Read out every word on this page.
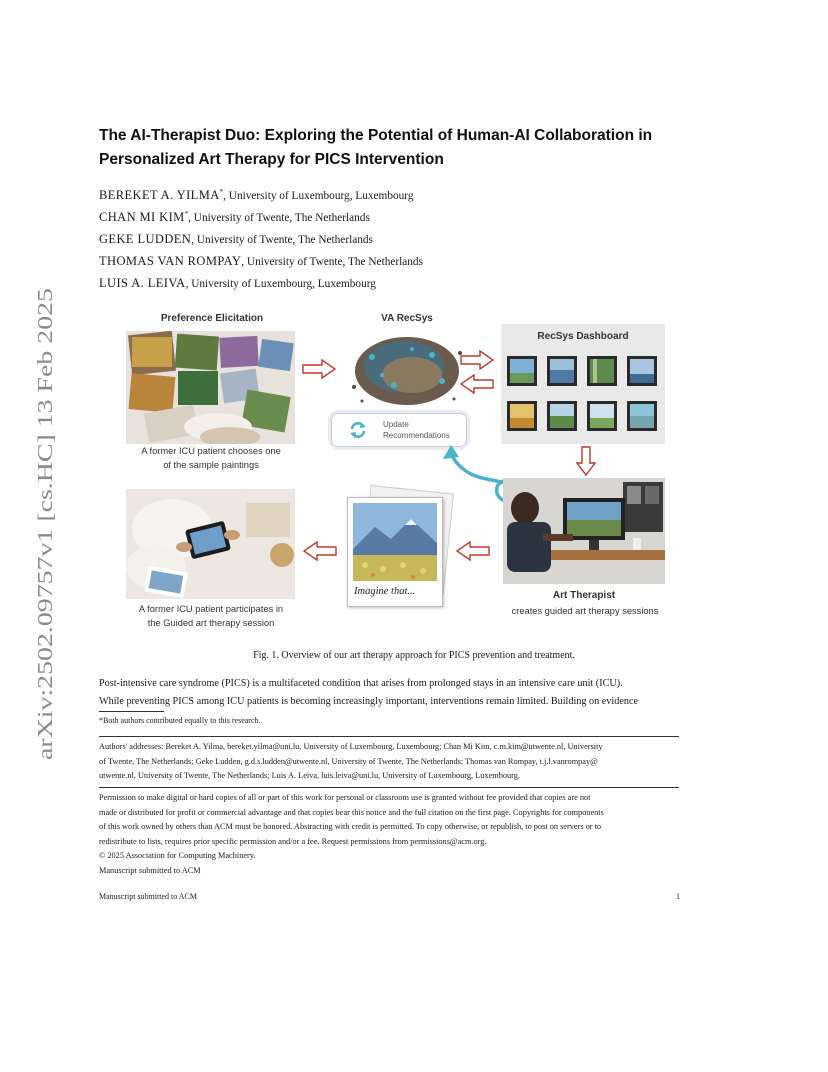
arXiv:2502.09757v1 [cs.HC] 13 Feb 2025
The AI-Therapist Duo: Exploring the Potential of Human-AI Collaboration in Personalized Art Therapy for PICS Intervention
BEREKET A. YILMA*, University of Luxembourg, Luxembourg
CHAN MI KIM*, University of Twente, The Netherlands
GEKE LUDDEN, University of Twente, The Netherlands
THOMAS VAN ROMPAY, University of Twente, The Netherlands
LUIS A. LEIVA, University of Luxembourg, Luxembourg
Preference Elicitation
A former ICU patient chooses one
of the sample paintings
VA RecSys
Update
Recommendations
RecSys Dashboard
Art Therapist
creates guided art therapy sessions
Imagine that...
A former ICU patient participates in
the Guided art therapy session
Fig. 1. Overview of our art therapy approach for PICS prevention and treatment.
Post-intensive care syndrome (PICS) is a multifaceted condition that arises from prolonged stays in an intensive care unit (ICU).
While preventing PICS among ICU patients is becoming increasingly important, interventions remain limited. Building on evidence
*Both authors contributed equally to this research.
Authors' addresses: Bereket A. Yilma, bereket.yilma@uni.lu, University of Luxembourg, Luxembourg; Chan Mi Kim, c.m.kim@utwente.nl, University
of Twente, The Netherlands; Geke Ludden, g.d.s.ludden@utwente.nl, University of Twente, The Netherlands; Thomas van Rompay, t.j.l.vanrompay@
utwente.nl, University of Twente, The Netherlands; Luis A. Leiva, luis.leiva@uni.lu, University of Luxembourg, Luxembourg.
Permission to make digital or hard copies of all or part of this work for personal or classroom use is granted without fee provided that copies are not
made or distributed for profit or commercial advantage and that copies bear this notice and the full citation on the first page. Copyrights for components
of this work owned by others than ACM must be honored. Abstracting with credit is permitted. To copy otherwise, or republish, to post on servers or to
redistribute to lists, requires prior specific permission and/or a fee. Request permissions from permissions@acm.org.
© 2025 Association for Computing Machinery.
Manuscript submitted to ACM
Manuscript submitted to ACM	1
